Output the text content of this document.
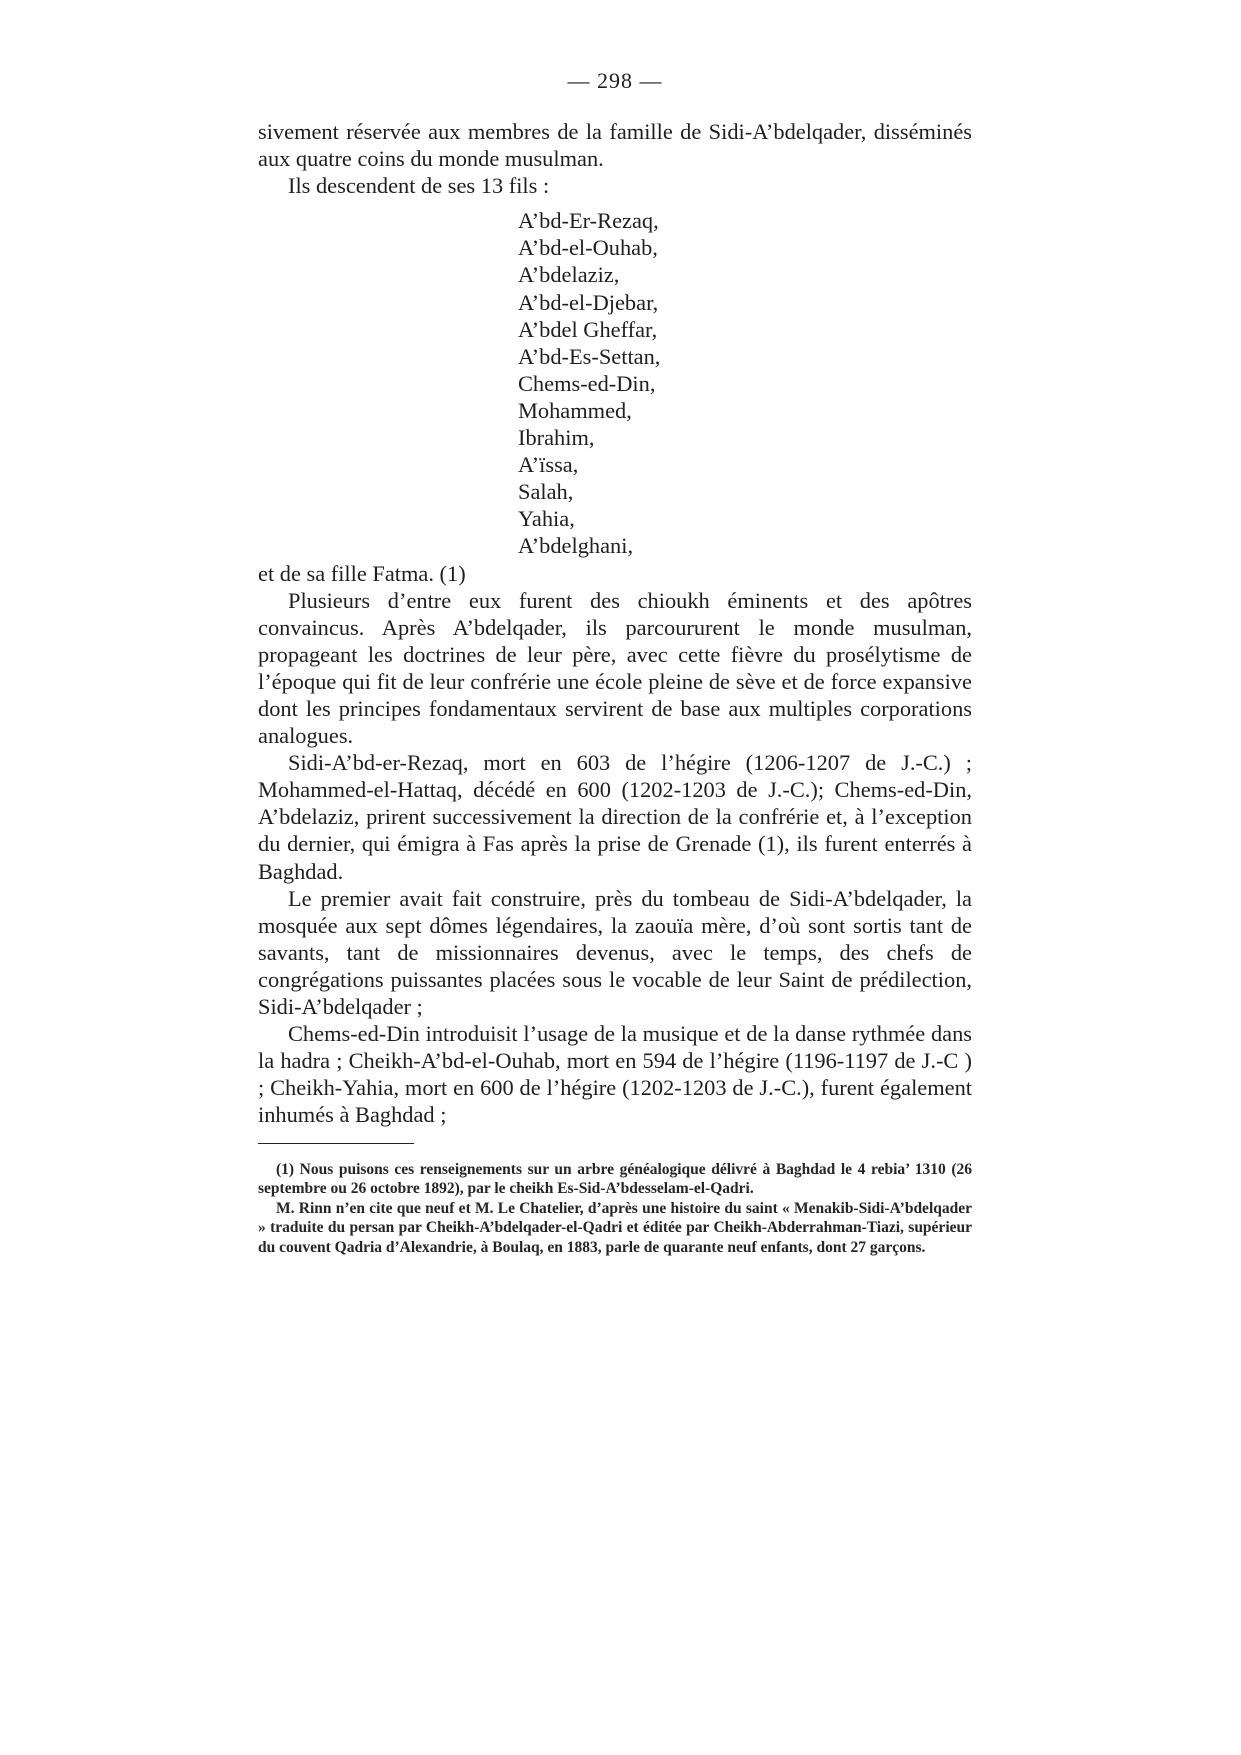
— 298 —

sivement réservée aux membres de la famille de Sidi-A’bdelqader, disséminés aux quatre coins du monde musulman.

Ils descendent de ses 13 fils :

A’bd-Er-Rezaq,
A’bd-el-Ouhab,
A’bdelaziz,
A’bd-el-Djebar,
A’bdel Gheffar,
A’bd-Es-Settan,
Chems-ed-Din,
Mohammed,
Ibrahim,
A’ïssa,
Salah,
Yahia,
A’bdelghani,

et de sa fille Fatma. (1)

Plusieurs d’entre eux furent des chioukh éminents et des apôtres convaincus. Après A’bdelqader, ils parcoururent le monde musulman, propageant les doctrines de leur père, avec cette fièvre du prosélytisme de l’époque qui fit de leur confrérie une école pleine de sève et de force expansive dont les principes fondamentaux servirent de base aux multiples corporations analogues.

Sidi-A’bd-er-Rezaq, mort en 603 de l’hégire (1206-1207 de J.-C.) ; Mohammed-el-Hattaq, décédé en 600 (1202-1203 de J.-C.); Chems-ed-Din, A’bdelaziz, prirent successivement la direction de la confrérie et, à l’exception du dernier, qui émigra à Fas après la prise de Grenade (1), ils furent enterrés à Baghdad.

Le premier avait fait construire, près du tombeau de Sidi-A’bdelqader, la mosquée aux sept dômes légendaires, la zaouïa mère, d’où sont sortis tant de savants, tant de missionnaires devenus, avec le temps, des chefs de congrégations puissantes placées sous le vocable de leur Saint de prédilection, Sidi-A’bdelqader ;

Chems-ed-Din introduisit l’usage de la musique et de la danse rythmée dans la hadra ; Cheikh-A’bd-el-Ouhab, mort en 594 de l’hégire (1196-1197 de J.-C ) ; Cheikh-Yahia, mort en 600 de l’hégire (1202-1203 de J.-C.), furent également inhumés à Baghdad ;

(1) Nous puisons ces renseignements sur un arbre généalogique délivré à Baghdad le 4 rebia’ 1310 (26 septembre ou 26 octobre 1892), par le cheikh Es-Sid-A’bdesselam-el-Qadri.

M. Rinn n’en cite que neuf et M. Le Chatelier, d’après une histoire du saint « Menakib-Sidi-A’bdelqader » traduite du persan par Cheikh-A’bdelqader-el-Qadri et éditée par Cheikh-Abderrahman-Tiazi, supérieur du couvent Qadria d’Alexandrie, à Boulaq, en 1883, parle de quarante neuf enfants, dont 27 garçons.
